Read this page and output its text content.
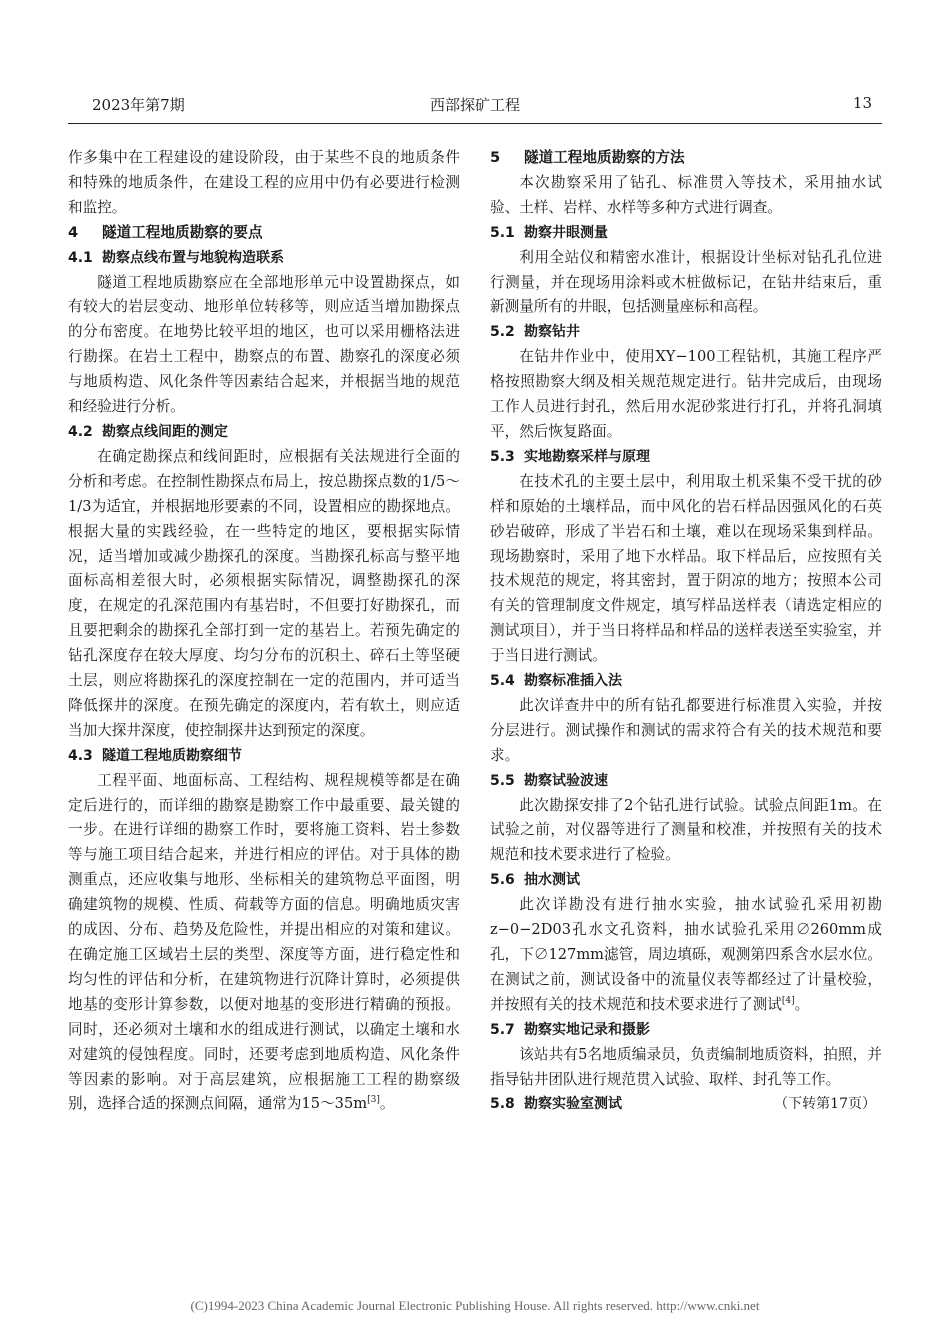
2023年第7期	西部探矿工程	13

作多集中在工程建设的建设阶段，由于某些不良的地质条件和特殊的地质条件，在建设工程的应用中仍有必要进行检测和监控。

4 隧道工程地质勘察的要点
4.1 勘察点线布置与地貌构造联系

隧道工程地质勘察应在全部地形单元中设置勘探点，如有较大的岩层变动、地形单位转移等，则应适当增加勘探点的分布密度。在地势比较平坦的地区，也可以采用栅格法进行勘探。在岩土工程中，勘察点的布置、勘察孔的深度必须与地质构造、风化条件等因素结合起来，并根据当地的规范和经验进行分析。

4.2 勘察点线间距的测定

在确定勘探点和线间距时，应根据有关法规进行全面的分析和考虑。在控制性勘探点布局上，按总勘探点数的1/5～1/3为适宜，并根据地形要素的不同，设置相应的勘探地点。根据大量的实践经验，在一些特定的地区，要根据实际情况，适当增加或减少勘探孔的深度。当勘探孔标高与整平地面标高相差很大时，必须根据实际情况，调整勘探孔的深度，在规定的孔深范围内有基岩时，不但要打好勘探孔，而且要把剩余的勘探孔全部打到一定的基岩上。若预先确定的钻孔深度存在较大厚度、均匀分布的沉积土、碎石土等坚硬土层，则应将勘探孔的深度控制在一定的范围内，并可适当降低探井的深度。在预先确定的深度内，若有软土，则应适当加大探井深度，使控制探井达到预定的深度。

4.3 隧道工程地质勘察细节

工程平面、地面标高、工程结构、规程规模等都是在确定后进行的，而详细的勘察是勘察工作中最重要、最关键的一步。在进行详细的勘察工作时，要将施工资料、岩土参数等与施工项目结合起来，并进行相应的评估。对于具体的勘测重点，还应收集与地形、坐标相关的建筑物总平面图，明确建筑物的规模、性质、荷载等方面的信息。明确地质灾害的成因、分布、趋势及危险性，并提出相应的对策和建议。在确定施工区域岩土层的类型、深度等方面，进行稳定性和均匀性的评估和分析，在建筑物进行沉降计算时，必须提供地基的变形计算参数，以便对地基的变形进行精确的预报。同时，还必须对土壤和水的组成进行测试，以确定土壤和水对建筑的侵蚀程度。同时，还要考虑到地质构造、风化条件等因素的影响。对于高层建筑，应根据施工工程的勘察级别，选择合适的探测点间隔，通常为15～35m[3]。

5 隧道工程地质勘察的方法

本次勘察采用了钻孔、标准贯入等技术，采用抽水试验、土样、岩样、水样等多种方式进行调查。

5.1 勘察井眼测量

利用全站仪和精密水准计，根据设计坐标对钻孔孔位进行测量，并在现场用涂料或木桩做标记，在钻井结束后，重新测量所有的井眼，包括测量座标和高程。

5.2 勘察钻井

在钻井作业中，使用XY−100工程钻机，其施工程序严格按照勘察大纲及相关规范规定进行。钻井完成后，由现场工作人员进行封孔，然后用水泥砂浆进行打孔，并将孔洞填平，然后恢复路面。

5.3 实地勘察采样与原理

在技术孔的主要土层中，利用取土机采集不受干扰的砂样和原始的土壤样品，而中风化的岩石样品因强风化的石英砂岩破碎，形成了半岩石和土壤，难以在现场采集到样品。现场勘察时，采用了地下水样品。取下样品后，应按照有关技术规范的规定，将其密封，置于阴凉的地方；按照本公司有关的管理制度文件规定，填写样品送样表（请选定相应的测试项目），并于当日将样品和样品的送样表送至实验室，并于当日进行测试。

5.4 勘察标准插入法

此次详查井中的所有钻孔都要进行标准贯入实验，并按分层进行。测试操作和测试的需求符合有关的技术规范和要求。

5.5 勘察试验波速

此次勘探安排了2个钻孔进行试验。试验点间距1m。在试验之前，对仪器等进行了测量和校准，并按照有关的技术规范和技术要求进行了检验。

5.6 抽水测试

此次详勘没有进行抽水实验，抽水试验孔采用初勘z−0−2D03孔水文孔资料，抽水试验孔采用∅260mm成孔，下∅127mm滤管，周边填砾，观测第四系含水层水位。在测试之前，测试设备中的流量仪表等都经过了计量校验，并按照有关的技术规范和技术要求进行了测试[4]。

5.7 勘察实地记录和摄影

该站共有5名地质编录员，负责编制地质资料，拍照，并指导钻井团队进行规范贯入试验、取样、封孔等工作。

5.8 勘察实验室测试	（下转第17页）
(C)1994-2023 China Academic Journal Electronic Publishing House. All rights reserved. http://www.cnki.net
